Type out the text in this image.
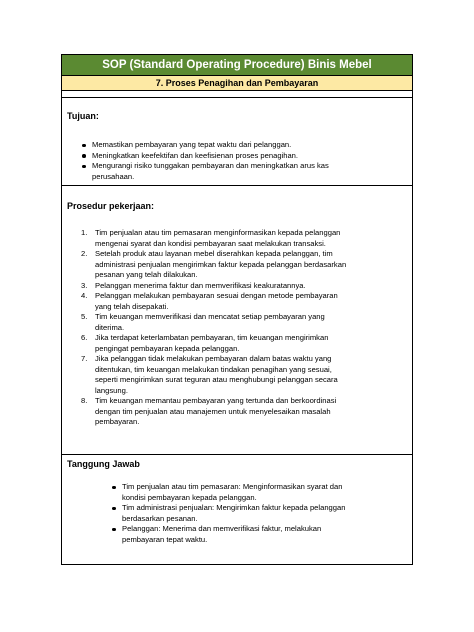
SOP (Standard Operating Procedure) Binis Mebel
7. Proses Penagihan dan Pembayaran
Tujuan:
Memastikan pembayaran yang tepat waktu dari pelanggan.
Meningkatkan keefektifan dan keefisienan proses penagihan.
Mengurangi risiko tunggakan pembayaran dan meningkatkan arus kas
perusahaan.
Prosedur pekerjaan:
1. Tim penjualan atau tim pemasaran menginformasikan kepada pelanggan
mengenai syarat dan kondisi pembayaran saat melakukan transaksi.
2. Setelah produk atau layanan mebel diserahkan kepada pelanggan, tim
administrasi penjualan mengirimkan faktur kepada pelanggan berdasarkan
pesanan yang telah dilakukan.
3. Pelanggan menerima faktur dan memverifikasi keakuratannya.
4. Pelanggan melakukan pembayaran sesuai dengan metode pembayaran
yang telah disepakati.
5. Tim keuangan memverifikasi dan mencatat setiap pembayaran yang
diterima.
6. Jika terdapat keterlambatan pembayaran, tim keuangan mengirimkan
pengingat pembayaran kepada pelanggan.
7. Jika pelanggan tidak melakukan pembayaran dalam batas waktu yang
ditentukan, tim keuangan melakukan tindakan penagihan yang sesuai,
seperti mengirimkan surat teguran atau menghubungi pelanggan secara
langsung.
8. Tim keuangan memantau pembayaran yang tertunda dan berkoordinasi
dengan tim penjualan atau manajemen untuk menyelesaikan masalah
pembayaran.
Tanggung Jawab
Tim penjualan atau tim pemasaran: Menginformasikan syarat dan
kondisi pembayaran kepada pelanggan.
Tim administrasi penjualan: Mengirimkan faktur kepada pelanggan
berdasarkan pesanan.
Pelanggan: Menerima dan memverifikasi faktur, melakukan
pembayaran tepat waktu.
